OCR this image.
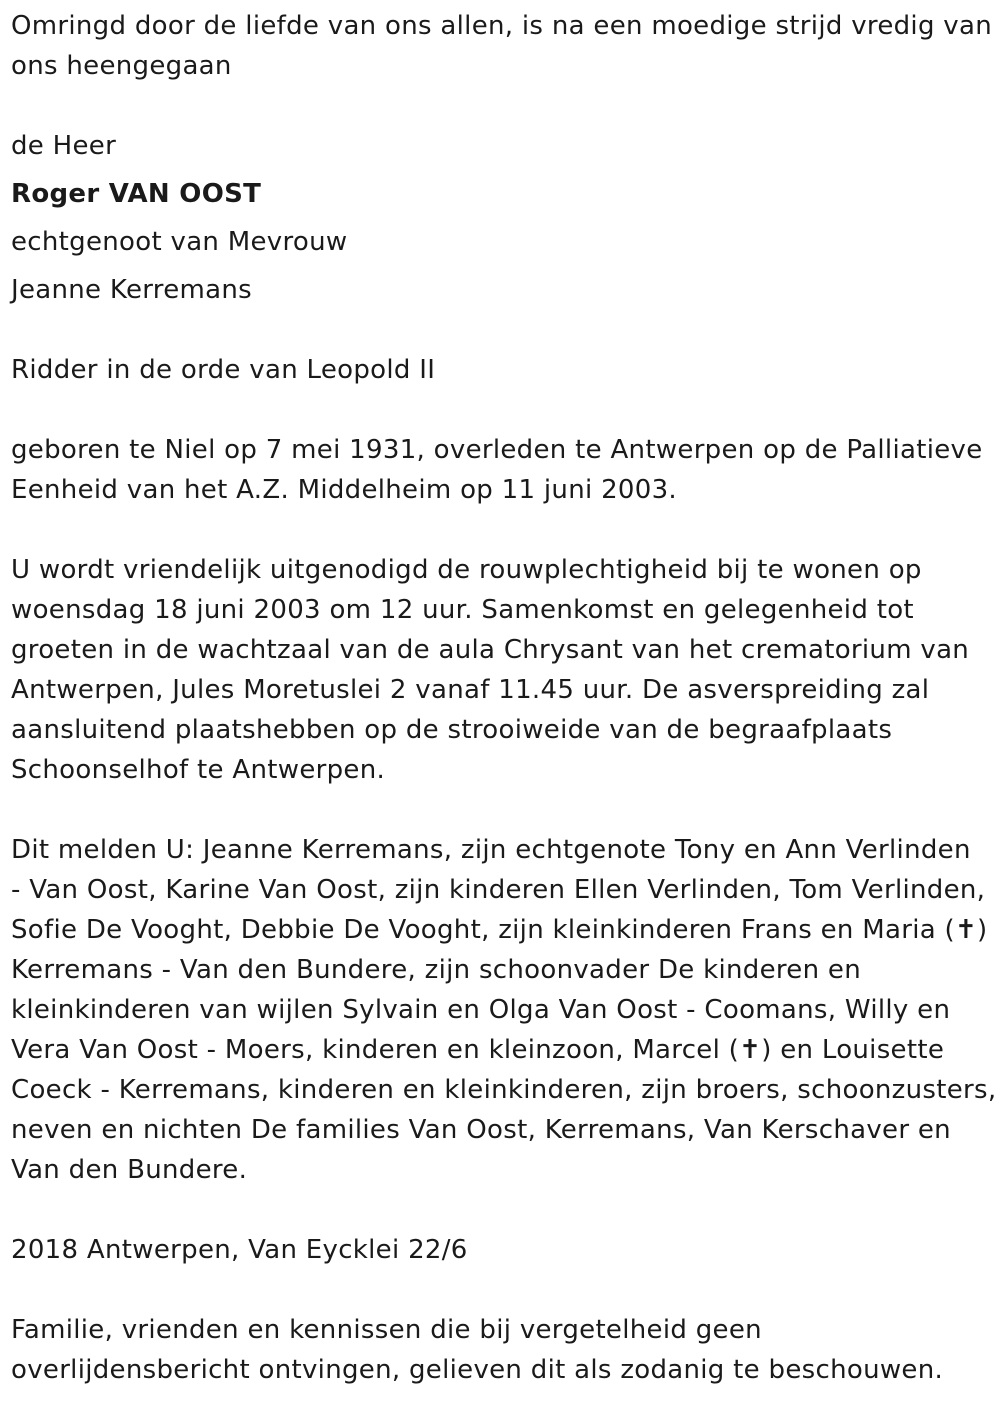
Omringd door de liefde van ons allen, is na een moedige strijd vredig van
ons heengegaan
de Heer
Roger VAN OOST
echtgenoot van Mevrouw
Jeanne Kerremans
Ridder in de orde van Leopold II
geboren te Niel op 7 mei 1931, overleden te Antwerpen op de Palliatieve
Eenheid van het A.Z. Middelheim op 11 juni 2003.
U wordt vriendelijk uitgenodigd de rouwplechtigheid bij te wonen op
woensdag 18 juni 2003 om 12 uur. Samenkomst en gelegenheid tot
groeten in de wachtzaal van de aula Chrysant van het crematorium van
Antwerpen, Jules Moretuslei 2 vanaf 11.45 uur. De asverspreiding zal
aansluitend plaatshebben op de strooiweide van de begraafplaats
Schoonselhof te Antwerpen.
Dit melden U: Jeanne Kerremans, zijn echtgenote Tony en Ann Verlinden
- Van Oost, Karine Van Oost, zijn kinderen Ellen Verlinden, Tom Verlinden,
Sofie De Vooght, Debbie De Vooght, zijn kleinkinderen Frans en Maria (✝)
Kerremans - Van den Bundere, zijn schoonvader De kinderen en
kleinkinderen van wijlen Sylvain en Olga Van Oost - Coomans, Willy en
Vera Van Oost - Moers, kinderen en kleinzoon, Marcel (✝) en Louisette
Coeck - Kerremans, kinderen en kleinkinderen, zijn broers, schoonzusters,
neven en nichten De families Van Oost, Kerremans, Van Kerschaver en
Van den Bundere.
2018 Antwerpen, Van Eycklei 22/6
Familie, vrienden en kennissen die bij vergetelheid geen
overlijdensbericht ontvingen, gelieven dit als zodanig te beschouwen.
